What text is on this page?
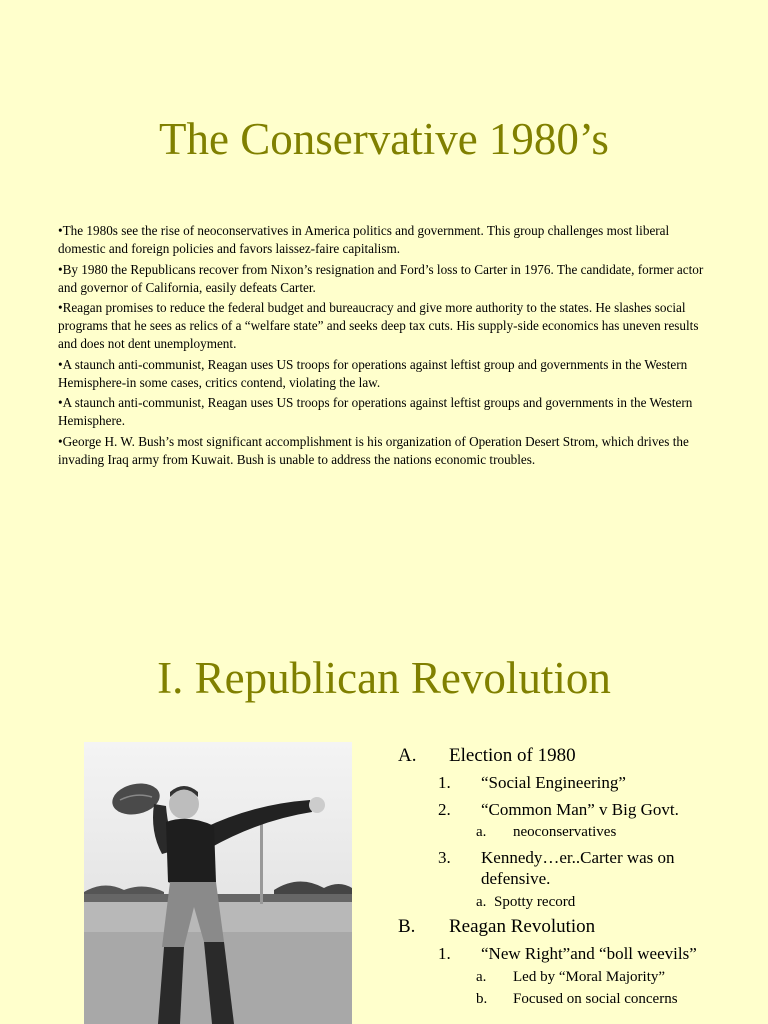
The Conservative 1980’s
•The 1980s see the rise of neoconservatives in America politics and government. This group challenges most liberal domestic and foreign policies and favors laissez-faire capitalism.
•By 1980 the Republicans recover from Nixon’s resignation and Ford’s loss to Carter in 1976. The candidate, former actor and governor of California, easily defeats Carter.
•Reagan promises to reduce the federal budget and bureaucracy and give more authority to the states. He slashes social programs that he sees as relics of a “welfare state” and seeks deep tax cuts. His supply-side economics has uneven results and does not dent unemployment.
•A staunch anti-communist, Reagan uses US troops for operations against leftist group and governments in the Western Hemisphere-in some cases, critics contend, violating the law.
•A staunch anti-communist, Reagan uses US troops for operations against leftist groups and governments in the Western Hemisphere.
•George H. W. Bush’s most significant accomplishment is his organization of Operation Desert Strom, which drives the invading Iraq army from Kuwait. Bush is unable to address the nations economic troubles.
I. Republican Revolution
A. Election of 1980
1. “Social Engineering”
2. “Common Man” v Big Govt.
a. neoconservatives
3. Kennedy…er..Carter was on
defensive.
a. Spotty record
B. Reagan Revolution
1. “New Right”and “boll weevils”
a. Led by “Moral Majority”
b. Focused on social concerns
